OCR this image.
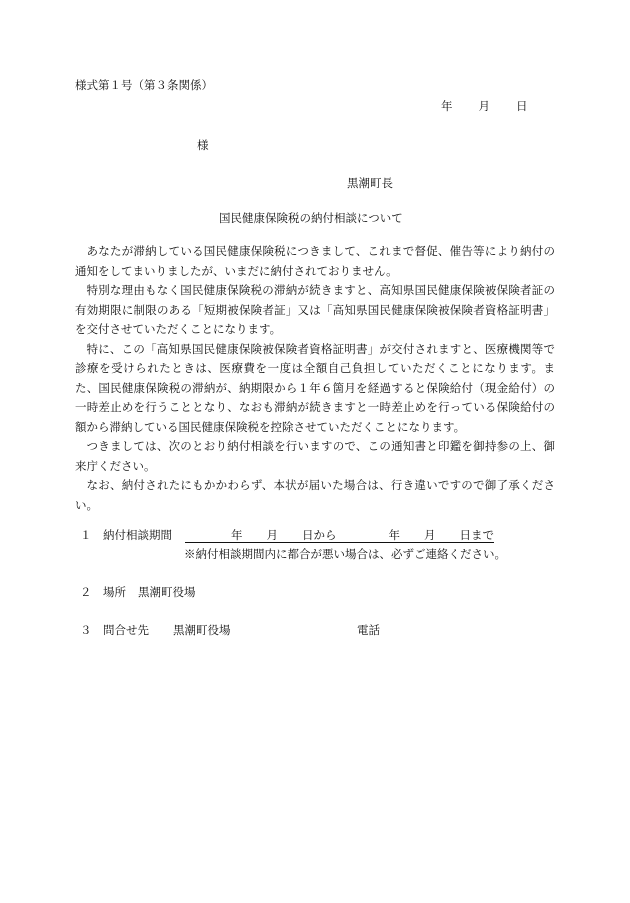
様式第１号（第３条関係）
年 月 日
様
黒潮町長
国民健康保険税の納付相談について

あなたが滞納している国民健康保険税につきまして、これまで督促、催告等により納付の通知をしてまいりましたが、いまだに納付されておりません。

特別な理由もなく国民健康保険税の滞納が続きますと、高知県国民健康保険被保険者証の有効期限に制限のある「短期被保険者証」又は「高知県国民健康保険被保険者資格証明書」を交付させていただくことになります。

特に、この「高知県国民健康保険被保険者資格証明書」が交付されますと、医療機関等で診療を受けられたときは、医療費を一度は全額自己負担していただくことになります。また、国民健康保険税の滞納が、納期限から１年６箇月を経過すると保険給付（現金給付）の一時差止めを行うこととなり、なおも滞納が続きますと一時差止めを行っている保険給付の額から滞納している国民健康保険税を控除させていただくことになります。

つきましては、次のとおり納付相談を行いますので、この通知書と印鑑を御持参の上、御来庁ください。

なお、納付されたにもかかわらず、本状が届いた場合は、行き違いですので御了承ください。

１ 納付相談期間	年 月 日から	年 月 日まで
※納付相談期間内に都合が悪い場合は、必ずご連絡ください。
２ 場所 黒潮町役場
３ 問合せ先 黒潮町役場	電話
